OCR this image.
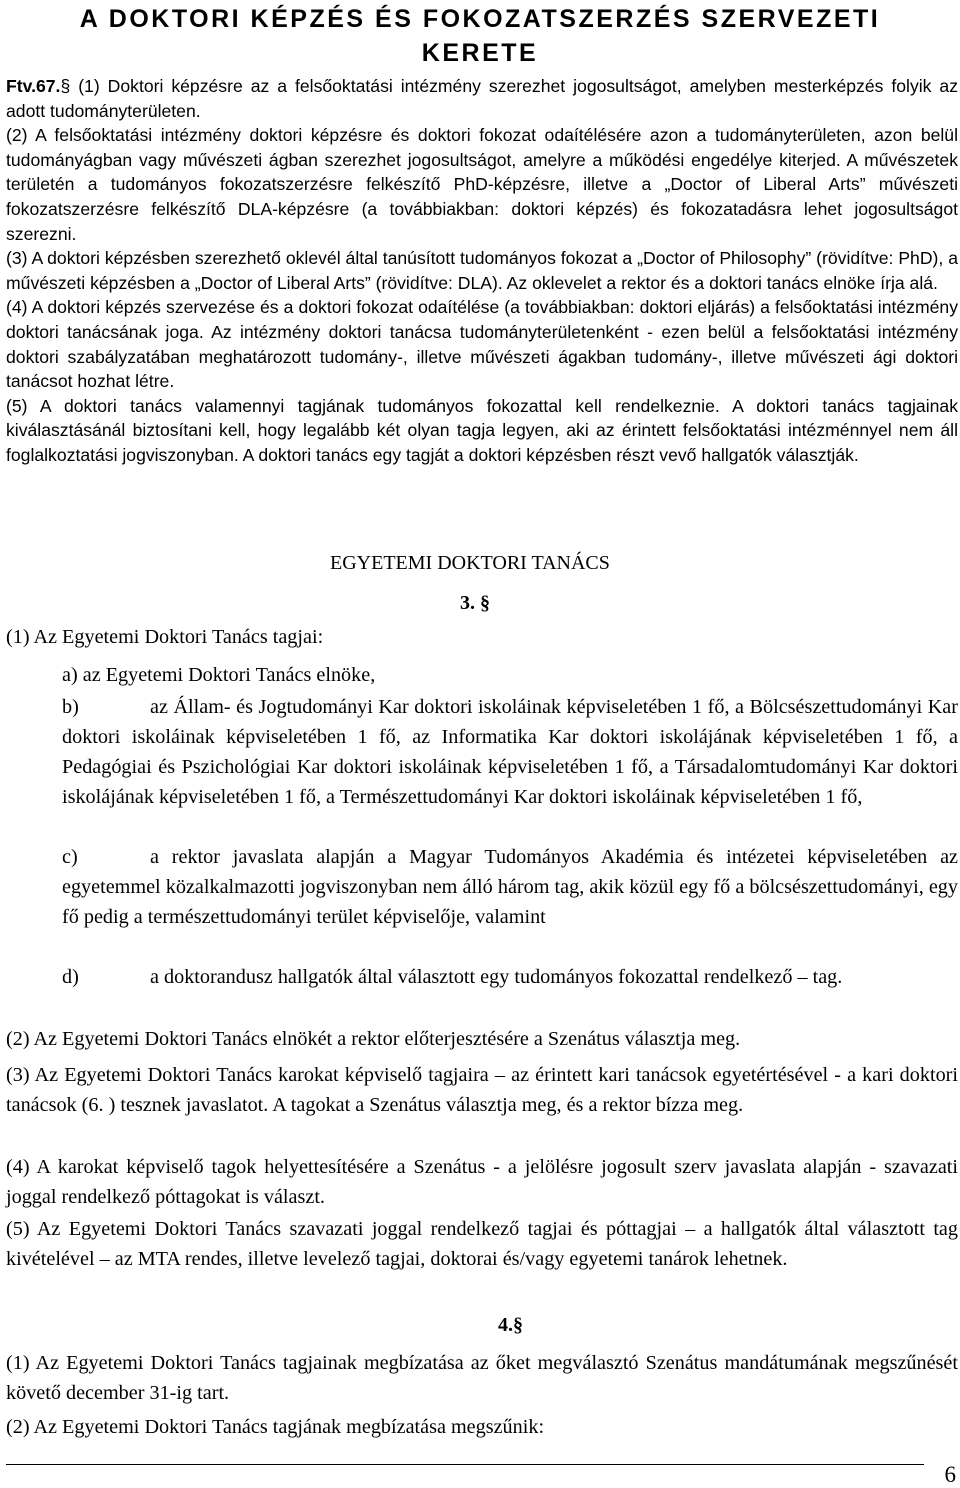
A DOKTORI KÉPZÉS ÉS FOKOZATSZERZÉS SZERVEZETI
KERETE

Ftv.67.§ (1) Doktori képzésre az a felsőoktatási intézmény szerezhet jogosultságot, amelyben mesterképzés folyik az adott tudományterületen.

(2) A felsőoktatási intézmény doktori képzésre és doktori fokozat odaítélésére azon a tudományterületen, azon belül tudományágban vagy művészeti ágban szerezhet jogosultságot, amelyre a működési engedélye kiterjed. A művészetek területén a tudományos fokozatszerzésre felkészítő PhD-képzésre, illetve a „Doctor of Liberal Arts” művészeti fokozatszerzésre felkészítő DLA-képzésre (a továbbiakban: doktori képzés) és fokozatadásra lehet jogosultságot szerezni.

(3) A doktori képzésben szerezhető oklevél által tanúsított tudományos fokozat a „Doctor of Philosophy” (rövidítve: PhD), a művészeti képzésben a „Doctor of Liberal Arts” (rövidítve: DLA). Az oklevelet a rektor és a doktori tanács elnöke írja alá.

(4) A doktori képzés szervezése és a doktori fokozat odaítélése (a továbbiakban: doktori eljárás) a felsőoktatási intézmény doktori tanácsának joga. Az intézmény doktori tanácsa tudományterületenként - ezen belül a felsőoktatási intézmény doktori szabályzatában meghatározott tudomány-, illetve művészeti ágakban tudomány-, illetve művészeti ági doktori tanácsot hozhat létre.

(5) A doktori tanács valamennyi tagjának tudományos fokozattal kell rendelkeznie. A doktori tanács tagjainak kiválasztásánál biztosítani kell, hogy legalább két olyan tagja legyen, aki az érintett felsőoktatási intézménnyel nem áll foglalkoztatási jogviszonyban. A doktori tanács egy tagját a doktori képzésben részt vevő hallgatók választják.

EGYETEMI DOKTORI TANÁCS
3. §
(1) Az Egyetemi Doktori Tanács tagjai:
a) az Egyetemi Doktori Tanács elnöke,
b)	az Állam- és Jogtudományi Kar doktori iskoláinak képviseletében 1 fő, a Bölcsészettudományi Kar doktori iskoláinak képviseletében 1 fő, az Informatika Kar doktori iskolájának képviseletében 1 fő, a Pedagógiai és Pszichológiai Kar doktori iskoláinak képviseletében 1 fő, a Társadalomtudományi Kar doktori iskolájának képviseletében 1 fő, a Természettudományi Kar doktori iskoláinak képviseletében 1 fő,
c)	a rektor javaslata alapján a Magyar Tudományos Akadémia és intézetei képviseletében az egyetemmel közalkalmazotti jogviszonyban nem álló három tag, akik közül egy fő a bölcsészettudományi, egy fő pedig a természettudományi terület képviselője, valamint
d)	a doktorandusz hallgatók által választott egy tudományos fokozattal rendelkező – tag.
(2) Az Egyetemi Doktori Tanács elnökét a rektor előterjesztésére a Szenátus választja meg.
(3) Az Egyetemi Doktori Tanács karokat képviselő tagjaira – az érintett kari tanácsok egyetértésével - a kari doktori tanácsok (6. ) tesznek javaslatot. A tagokat a Szenátus választja meg, és a rektor bízza meg.
(4) A karokat képviselő tagok helyettesítésére a Szenátus - a jelölésre jogosult szerv javaslata alapján - szavazati joggal rendelkező póttagokat is választ.
(5) Az Egyetemi Doktori Tanács szavazati joggal rendelkező tagjai és póttagjai – a hallgatók által választott tag kivételével – az MTA rendes, illetve levelező tagjai, doktorai és/vagy egyetemi tanárok lehetnek.
4.§
(1) Az Egyetemi Doktori Tanács tagjainak megbízatása az őket megválasztó Szenátus mandátumának megszűnését követő december 31-ig tart.
(2) Az Egyetemi Doktori Tanács tagjának megbízatása megszűnik:
6
